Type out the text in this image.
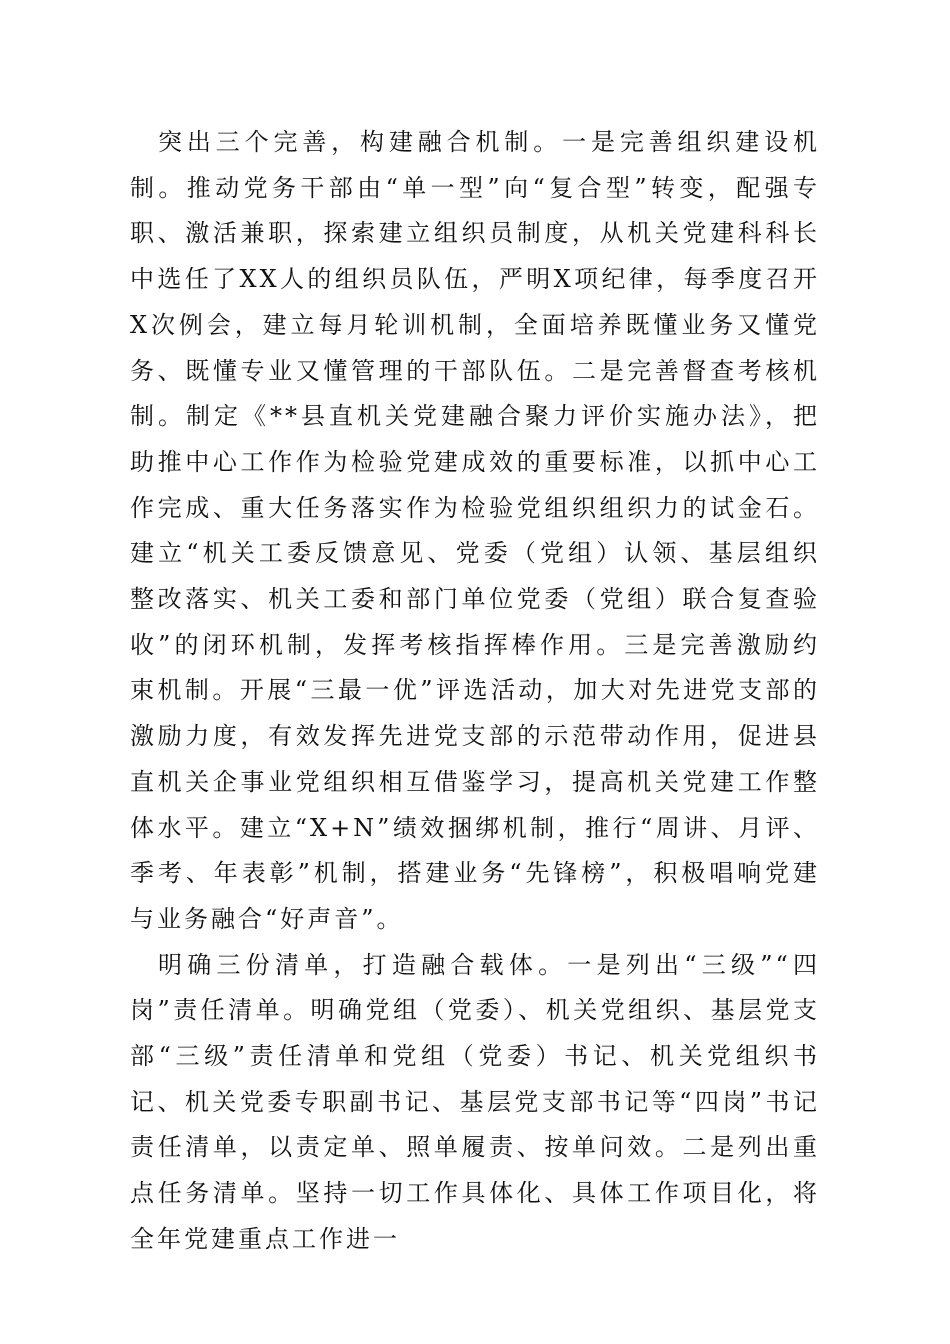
突出三个完善，构建融合机制。一是完善组织建设机制。推动党务干部由“单一型”向“复合型”转变，配强专职、激活兼职，探索建立组织员制度，从机关党建科科长中选任了XX人的组织员队伍，严明X项纪律，每季度召开X次例会，建立每月轮训机制，全面培养既懂业务又懂党务、既懂专业又懂管理的干部队伍。二是完善督查考核机制。制定《**县直机关党建融合聚力评价实施办法》，把助推中心工作作为检验党建成效的重要标准，以抓中心工作完成、重大任务落实作为检验党组织组织力的试金石。建立“机关工委反馈意见、党委（党组）认领、基层组织整改落实、机关工委和部门单位党委（党组）联合复查验收”的闭环机制，发挥考核指挥棒作用。三是完善激励约束机制。开展“三最一优”评选活动，加大对先进党支部的激励力度，有效发挥先进党支部的示范带动作用，促进县直机关企事业党组织相互借鉴学习，提高机关党建工作整体水平。建立“X+N”绩效捆绑机制，推行“周讲、月评、季考、年表彰”机制，搭建业务“先锋榜”，积极唱响党建与业务融合“好声音”。

明确三份清单，打造融合载体。一是列出“三级”“四岗”责任清单。明确党组（党委）、机关党组织、基层党支部“三级”责任清单和党组（党委）书记、机关党组织书记、机关党委专职副书记、基层党支部书记等“四岗”书记责任清单，以责定单、照单履责、按单问效。二是列出重点任务清单。坚持一切工作具体化、具体工作项目化，将全年党建重点工作进一
